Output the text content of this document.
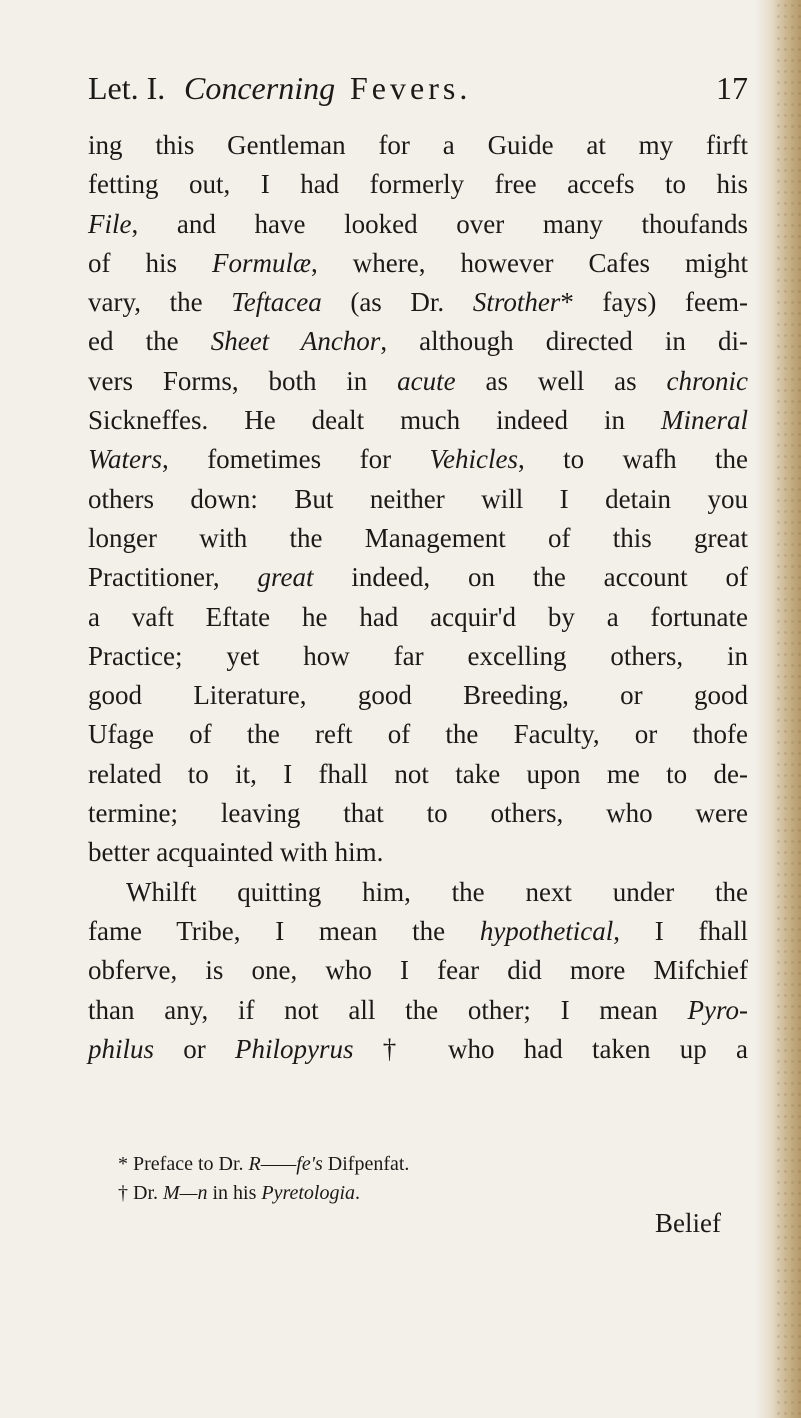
Let. I. Concerning Fevers.	17
ing this Gentleman for a Guide at my firft
fetting out, I had formerly free accefs to his
File, and have looked over many thoufands
of his Formulæ, where, however Cafes might
vary, the Teftacea (as Dr. Strother* fays) feem-
ed the Sheet Anchor, although directed in di-
vers Forms, both in acute as well as chronic
Sickneffes. He dealt much indeed in Mineral
Waters, fometimes for Vehicles, to wafh the
others down: But neither will I detain you
longer with the Management of this great
Practitioner, great indeed, on the account of
a vaft Eftate he had acquir'd by a fortunate
Practice; yet how far excelling others, in
good Literature, good Breeding, or good
Ufage of the reft of the Faculty, or thofe
related to it, I fhall not take upon me to de-
termine; leaving that to others, who were
better acquainted with him.
Whilft quitting him, the next under the
fame Tribe, I mean the hypothetical, I fhall
obferve, is one, who I fear did more Mifchief
than any, if not all the other; I mean Pyro-
philus or Philopyrus † who had taken up a
* Preface to Dr. R——fe's Difpenfat.
† Dr. M—n in his Pyretologia.
Belief
